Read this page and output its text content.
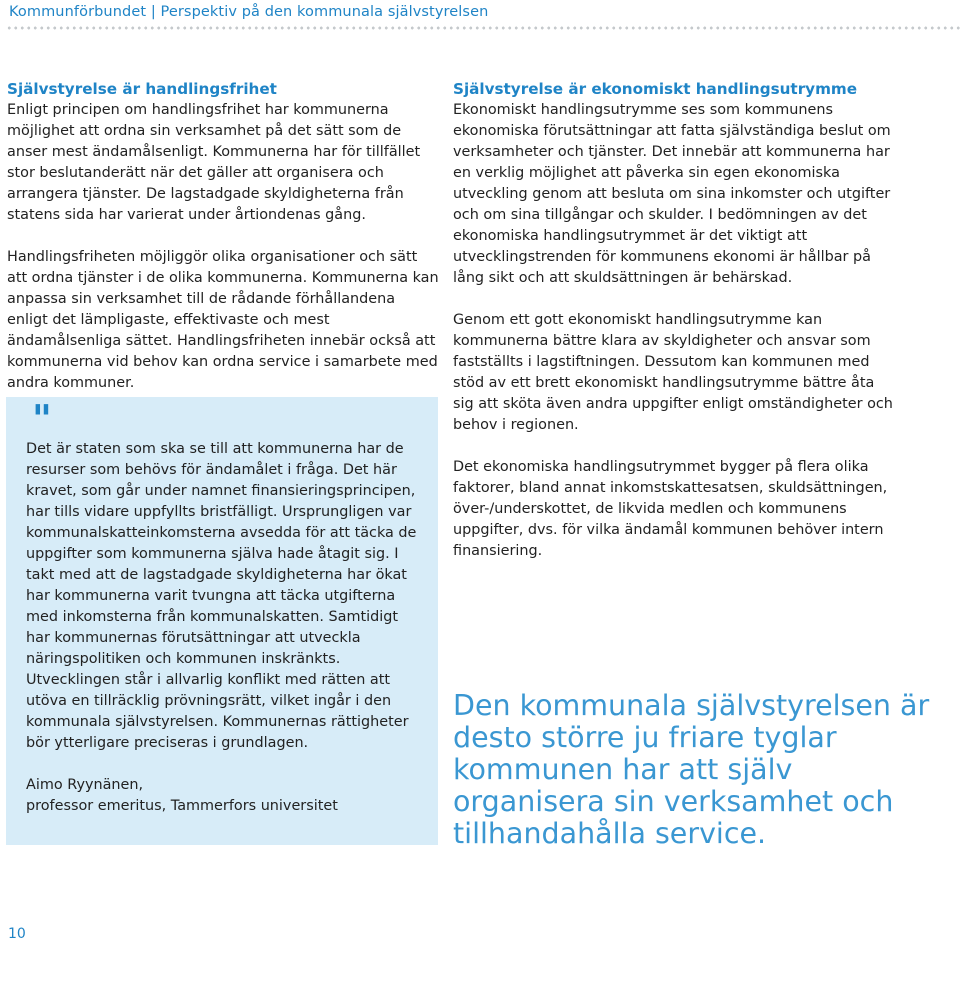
Kommunförbundet | Perspektiv på den kommunala självstyrelsen

Självstyrelse är handlingsfrihet

Enligt principen om handlingsfrihet har kommunerna möjlighet att ordna sin verksamhet på det sätt som de anser mest ändamålsenligt. Kommunerna har för tillfället stor beslutanderätt när det gäller att organisera och arrangera tjänster. De lagstadgade skyldigheterna från statens sida har varierat under årtiondenas gång.

Handlingsfriheten möjliggör olika organisationer och sätt att ordna tjänster i de olika kommunerna. Kommunerna kan anpassa sin verksamhet till de rådande förhållandena enligt det lämpligaste, effektivaste och mest ändamålsenliga sättet. Handlingsfriheten innebär också att kommunerna vid behov kan ordna service i samarbete med andra kommuner.

"

Det är staten som ska se till att kommunerna har de resurser som behövs för ändamålet i fråga. Det här kravet, som går under namnet finansieringsprincipen, har tills vidare uppfyllts bristfälligt. Ursprungligen var kommunalskatteinkomsterna avsedda för att täcka de uppgifter som kommunerna själva hade åtagit sig. I takt med att de lagstadgade skyldigheterna har ökat har kommunerna varit tvungna att täcka utgifterna med inkomsterna från kommunalskatten. Samtidigt har kommunernas förutsättningar att utveckla näringspolitiken och kommunen inskränkts. Utvecklingen står i allvarlig konflikt med rätten att utöva en tillräcklig prövningsrätt, vilket ingår i den kommunala självstyrelsen. Kommunernas rättigheter bör ytterligare preciseras i grundlagen.

Aimo Ryynänen,

professor emeritus, Tammerfors universitet

Självstyrelse är ekonomiskt handlingsutrymme

Ekonomiskt handlingsutrymme ses som kommunens ekonomiska förutsättningar att fatta självständiga beslut om verksamheter och tjänster. Det innebär att kommunerna har en verklig möjlighet att påverka sin egen ekonomiska utveckling genom att besluta om sina inkomster och utgifter och om sina tillgångar och skulder. I bedömningen av det ekonomiska handlingsutrymmet är det viktigt att utvecklingstrenden för kommunens ekonomi är hållbar på lång sikt och att skuldsättningen är behärskad.

Genom ett gott ekonomiskt handlingsutrymme kan kommunerna bättre klara av skyldigheter och ansvar som fastställts i lagstiftningen. Dessutom kan kommunen med stöd av ett brett ekonomiskt handlingsutrymme bättre åta sig att sköta även andra uppgifter enligt omständigheter och behov i regionen.

Det ekonomiska handlingsutrymmet bygger på flera olika faktorer, bland annat inkomstskattesatsen, skuldsättningen, över-/underskottet, de likvida medlen och kommunens uppgifter, dvs. för vilka ändamål kommunen behöver intern finansiering.

Den kommunala självstyrelsen är desto större ju friare tyglar kommunen har att själv organisera sin verksamhet och tillhandahålla service.
10
